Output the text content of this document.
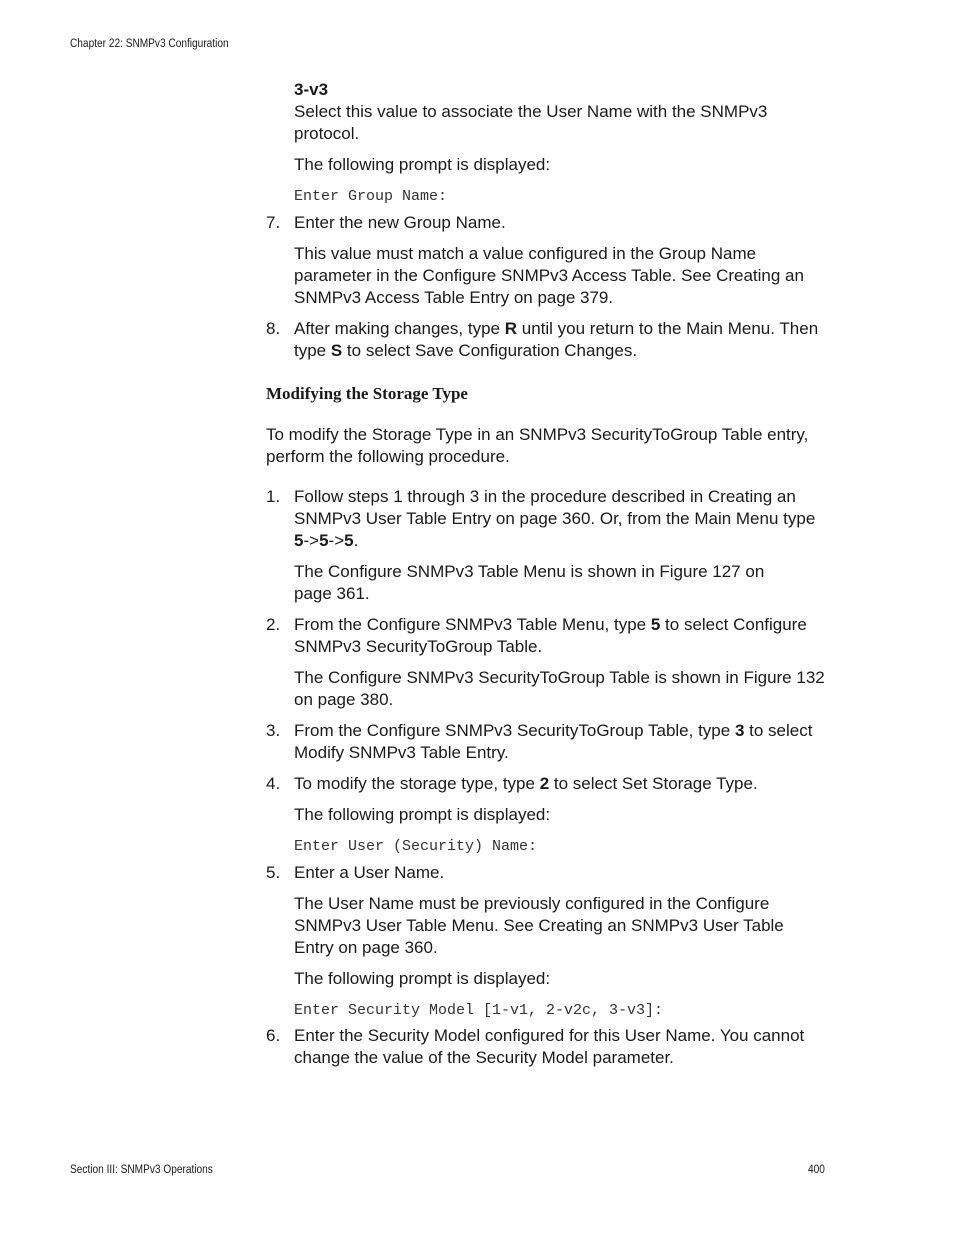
Chapter 22: SNMPv3 Configuration
3-v3
Select this value to associate the User Name with the SNMPv3 protocol.
The following prompt is displayed:
Enter Group Name:
7. Enter the new Group Name.
This value must match a value configured in the Group Name parameter in the Configure SNMPv3 Access Table. See Creating an SNMPv3 Access Table Entry on page 379.
8. After making changes, type R until you return to the Main Menu. Then type S to select Save Configuration Changes.
Modifying the Storage Type
To modify the Storage Type in an SNMPv3 SecurityToGroup Table entry, perform the following procedure.
1. Follow steps 1 through 3 in the procedure described in Creating an SNMPv3 User Table Entry on page 360. Or, from the Main Menu type 5->5->5.
The Configure SNMPv3 Table Menu is shown in Figure 127 on page 361.
2. From the Configure SNMPv3 Table Menu, type 5 to select Configure SNMPv3 SecurityToGroup Table.
The Configure SNMPv3 SecurityToGroup Table is shown in Figure 132 on page 380.
3. From the Configure SNMPv3 SecurityToGroup Table, type 3 to select Modify SNMPv3 Table Entry.
4. To modify the storage type, type 2 to select Set Storage Type.
The following prompt is displayed:
Enter User (Security) Name:
5. Enter a User Name.
The User Name must be previously configured in the Configure SNMPv3 User Table Menu. See Creating an SNMPv3 User Table Entry on page 360.
The following prompt is displayed:
Enter Security Model [1-v1, 2-v2c, 3-v3]:
6. Enter the Security Model configured for this User Name. You cannot change the value of the Security Model parameter.
Section III: SNMPv3 Operations	400
